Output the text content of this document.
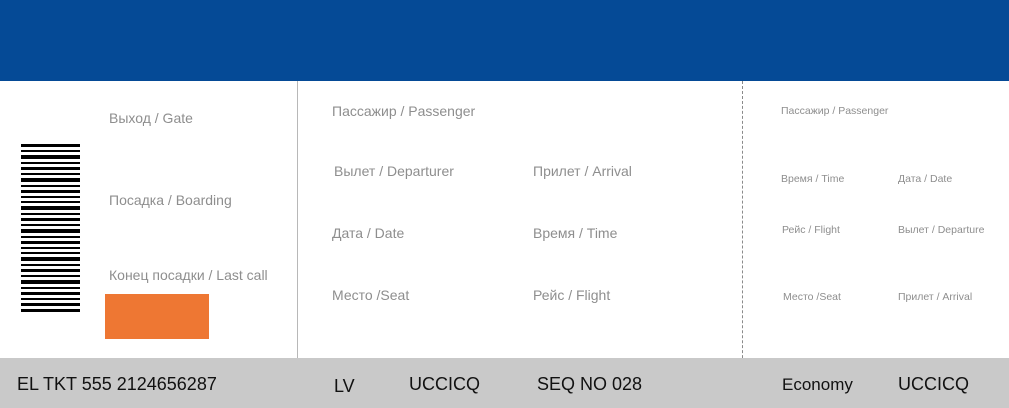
Выход / Gate
Посадка / Boarding
Конец посадки / Last call
Пассажир / Passenger
Вылет / Departurer	Прилет / Arrival
Дата / Date	Время / Time
Место /Seat	Рейс / Flight
Пассажир / Passenger
Время / Time	Дата / Date
Рейс / Flight	Вылет / Departure
Место /Seat	Прилет / Arrival
EL TKT 555 2124656287	LV	UCCICQ	SEQ NO 028	Economy	UCCICQ
